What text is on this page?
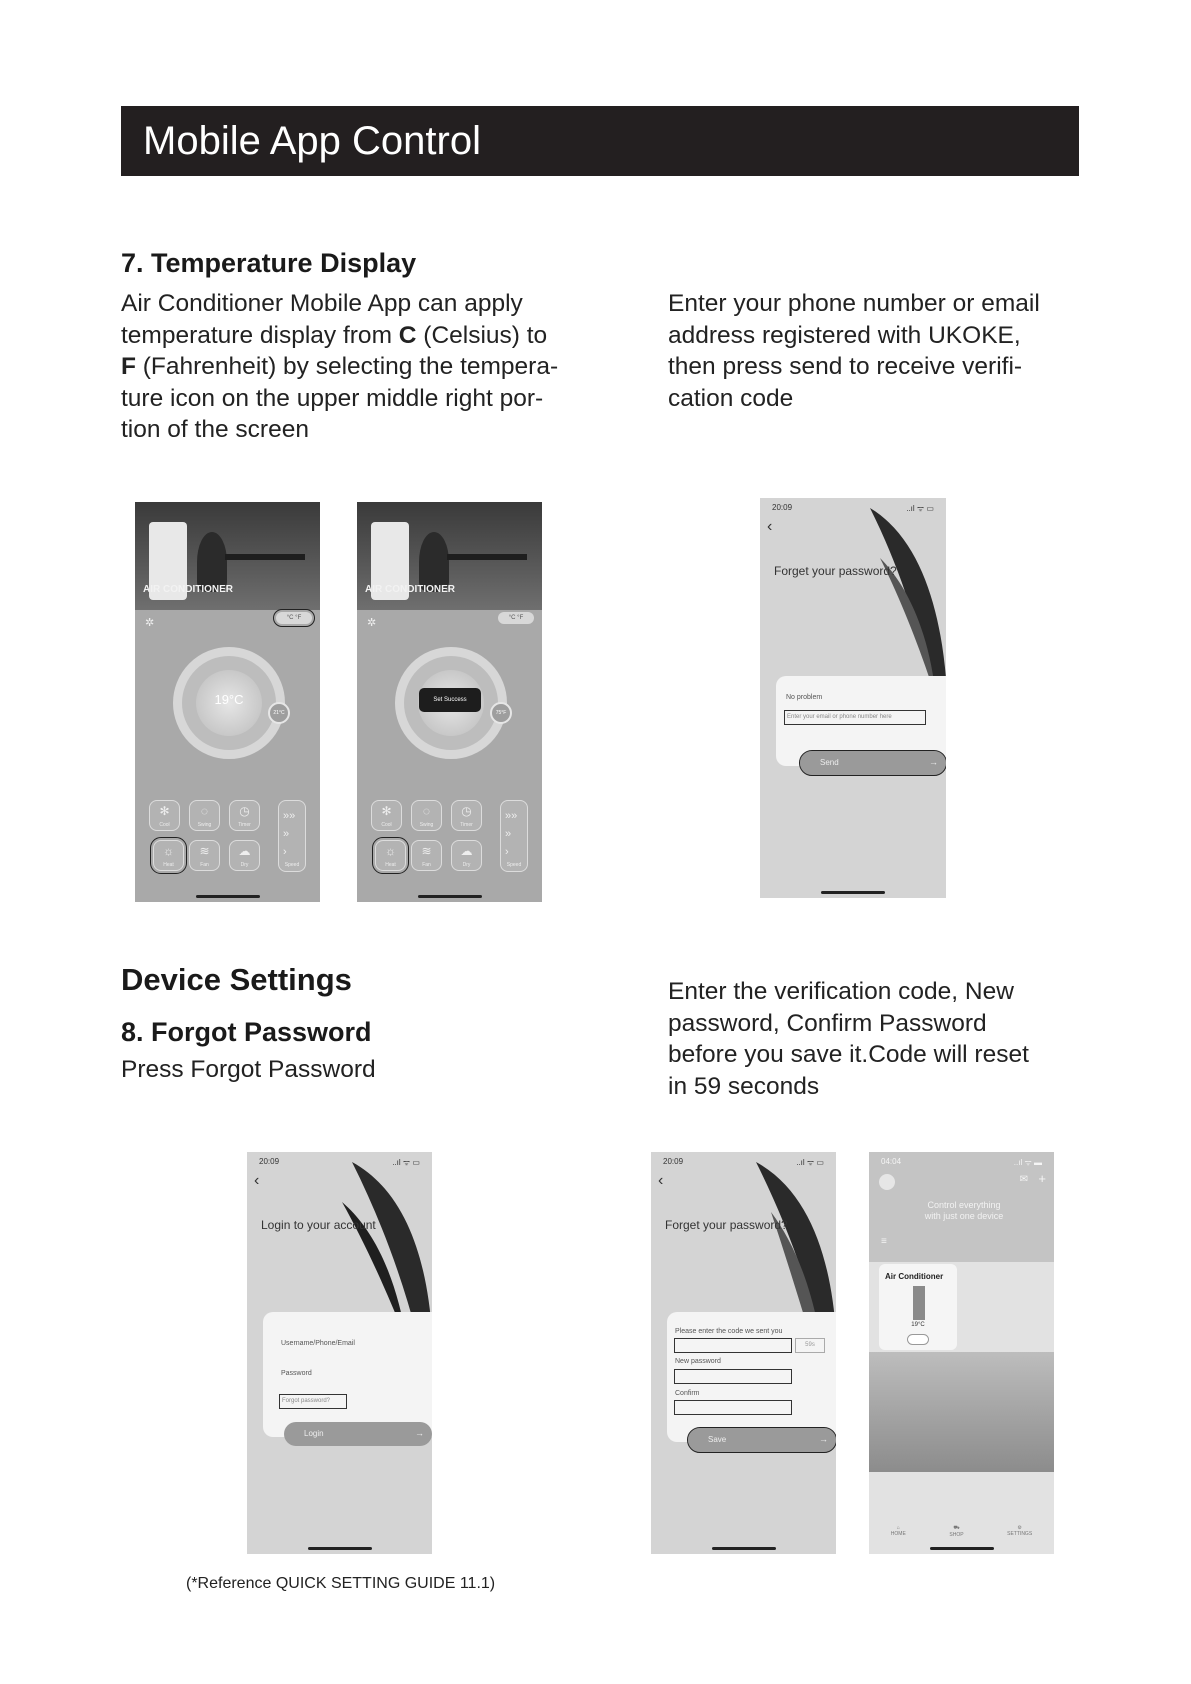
Mobile App Control
7. Temperature Display
Air Conditioner Mobile App can apply
temperature display from C (Celsius) to
F (Fahrenheit) by selecting the tempera-
ture icon on the upper middle right por-
tion of the screen
Enter your phone number or email
address registered with UKOKE,
then press send to receive verifi-
cation code
AIR CONDITIONER
✲	°C °F
19°C
21°C
✻
Cool
◌
Swing
◷
Timer
☼
Heat
≋
Fan
☁
Dry
»»
»
›
Speed
AIR CONDITIONER
✲	°C °F
75°F
Set Success
✻
Cool
◌
Swing
◷
Timer
☼
Heat
≋
Fan
☁
Dry
»»
»
›
Speed
20:09	..ıl ᯤ ▭
‹
Forget your password?
No problem
Enter your email or phone number here
Send	→
Device Settings
8. Forgot Password
Press Forgot Password
Enter the verification code, New
password, Confirm Password
before you save it.Code will reset
in 59 seconds
20:09	..ıl ᯤ ▭
‹
Login to your account
Username/Phone/Email
Password
Forgot password?
Login	→
20:09	..ıl ᯤ ▭
‹
Forget your password?
Please enter the code we sent you
59s
New password
Confirm
Save	→
04:04	..ıl ᯤ ▬
✉ +
Control everything
with just one device
≡
Air Conditioner
19°C
⌂
HOME
⛟
SHOP
⚙
SETTINGS
(*Reference QUICK SETTING GUIDE 11.1)
